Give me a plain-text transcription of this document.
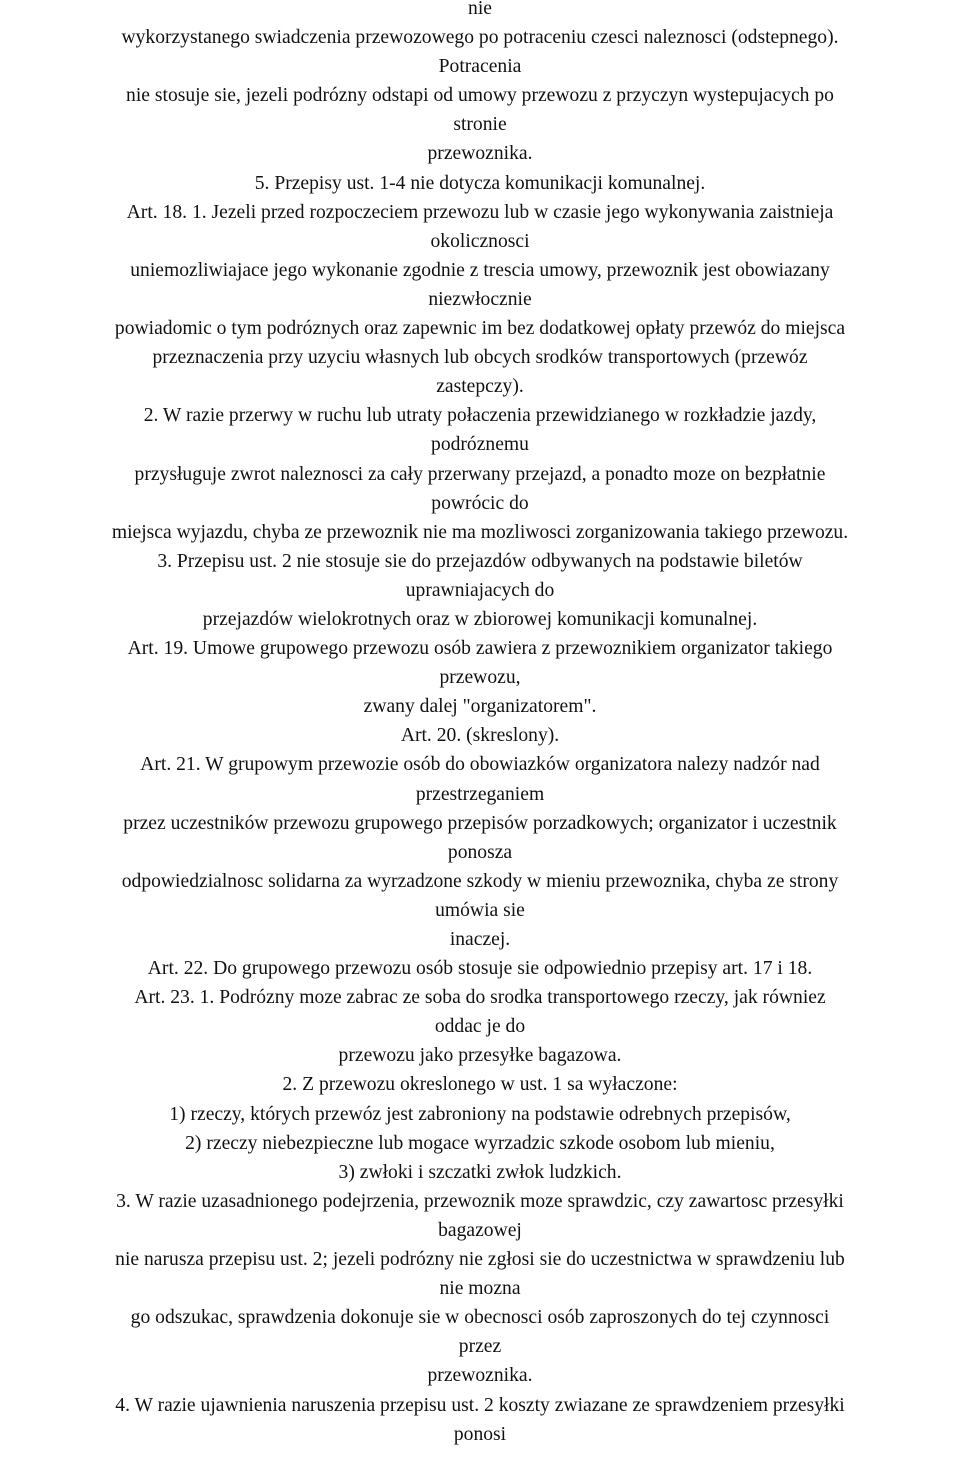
nie

wykorzystanego swiadczenia przewozowego po potraceniu czesci naleznosci (odstepnego).

Potracenia

nie stosuje sie, jezeli podrózny odstapi od umowy przewozu z przyczyn wystepujacych po

stronie

przewoznika.

5. Przepisy ust. 1-4 nie dotycza komunikacji komunalnej.

Art. 18. 1. Jezeli przed rozpoczeciem przewozu lub w czasie jego wykonywania zaistnieja

okolicznosci

uniemozliwiajace jego wykonanie zgodnie z trescia umowy, przewoznik jest obowiazany

niezwłocznie

powiadomic o tym podróznych oraz zapewnic im bez dodatkowej opłaty przewóz do miejsca

przeznaczenia przy uzyciu własnych lub obcych srodków transportowych (przewóz

zastepczy).

2. W razie przerwy w ruchu lub utraty połaczenia przewidzianego w rozkładzie jazdy,

podróznemu

przysługuje zwrot naleznosci za cały przerwany przejazd, a ponadto moze on bezpłatnie

powrócic do

miejsca wyjazdu, chyba ze przewoznik nie ma mozliwosci zorganizowania takiego przewozu.

3. Przepisu ust. 2 nie stosuje sie do przejazdów odbywanych na podstawie biletów

uprawniajacych do

przejazdów wielokrotnych oraz w zbiorowej komunikacji komunalnej.

Art. 19. Umowe grupowego przewozu osób zawiera z przewoznikiem organizator takiego

przewozu,

zwany dalej "organizatorem".

Art. 20. (skreslony).

Art. 21. W grupowym przewozie osób do obowiazków organizatora nalezy nadzór nad

przestrzeganiem

przez uczestników przewozu grupowego przepisów porzadkowych; organizator i uczestnik

ponosza

odpowiedzialnosc solidarna za wyrzadzone szkody w mieniu przewoznika, chyba ze strony

umówia sie

inaczej.

Art. 22. Do grupowego przewozu osób stosuje sie odpowiednio przepisy art. 17 i 18.

Art. 23. 1. Podrózny moze zabrac ze soba do srodka transportowego rzeczy, jak równiez

oddac je do

przewozu jako przesyłke bagazowa.

2. Z przewozu okreslonego w ust. 1 sa wyłaczone:

1) rzeczy, których przewóz jest zabroniony na podstawie odrebnych przepisów,

2) rzeczy niebezpieczne lub mogace wyrzadzic szkode osobom lub mieniu,

3) zwłoki i szczatki zwłok ludzkich.

3. W razie uzasadnionego podejrzenia, przewoznik moze sprawdzic, czy zawartosc przesyłki

bagazowej

nie narusza przepisu ust. 2; jezeli podrózny nie zgłosi sie do uczestnictwa w sprawdzeniu lub

nie mozna

go odszukac, sprawdzenia dokonuje sie w obecnosci osób zaproszonych do tej czynnosci

przez

przewoznika.

4. W razie ujawnienia naruszenia przepisu ust. 2 koszty zwiazane ze sprawdzeniem przesyłki

ponosi
